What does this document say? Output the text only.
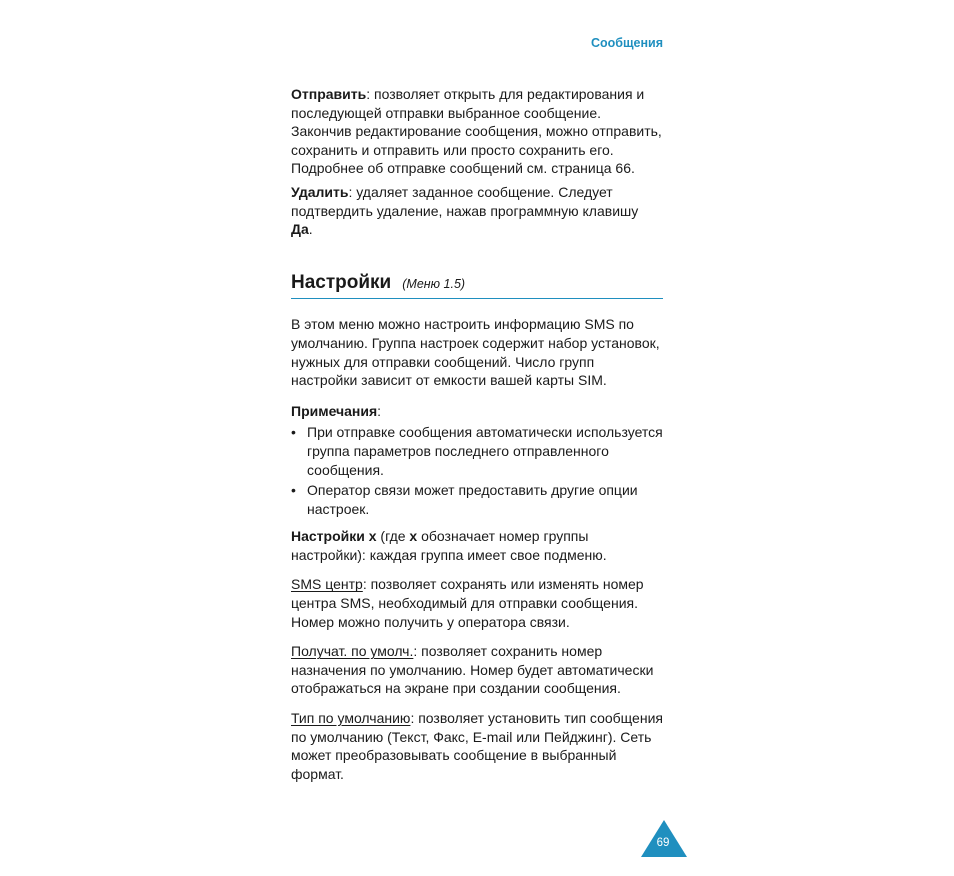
Сообщения

Отправить: позволяет открыть для редактирования и последующей отправки выбранное сообщение. Закончив редактирование сообщения, можно отправить, сохранить и отправить или просто сохранить его. Подробнее об отправке сообщений см. страница 66.

Удалить: удаляет заданное сообщение. Следует подтвердить удаление, нажав программную клавишу Да.

Настройки (Меню 1.5)

В этом меню можно настроить информацию SMS по умолчанию. Группа настроек содержит набор установок, нужных для отправки сообщений. Число групп настройки зависит от емкости вашей карты SIM.

Примечания:

• При отправке сообщения автоматически используется группа параметров последнего отправленного сообщения.
• Оператор связи может предоставить другие опции настроек.

Настройки x (где x обозначает номер группы настройки): каждая группа имеет свое подменю.

SMS центр: позволяет сохранять или изменять номер центра SMS, необходимый для отправки сообщения. Номер можно получить у оператора связи.

Получат. по умолч.: позволяет сохранить номер назначения по умолчанию. Номер будет автоматически отображаться на экране при создании сообщения.

Тип по умолчанию: позволяет установить тип сообщения по умолчанию (Текст, Факс, E-mail или Пейджинг). Сеть может преобразовывать сообщение в выбранный формат.

69
